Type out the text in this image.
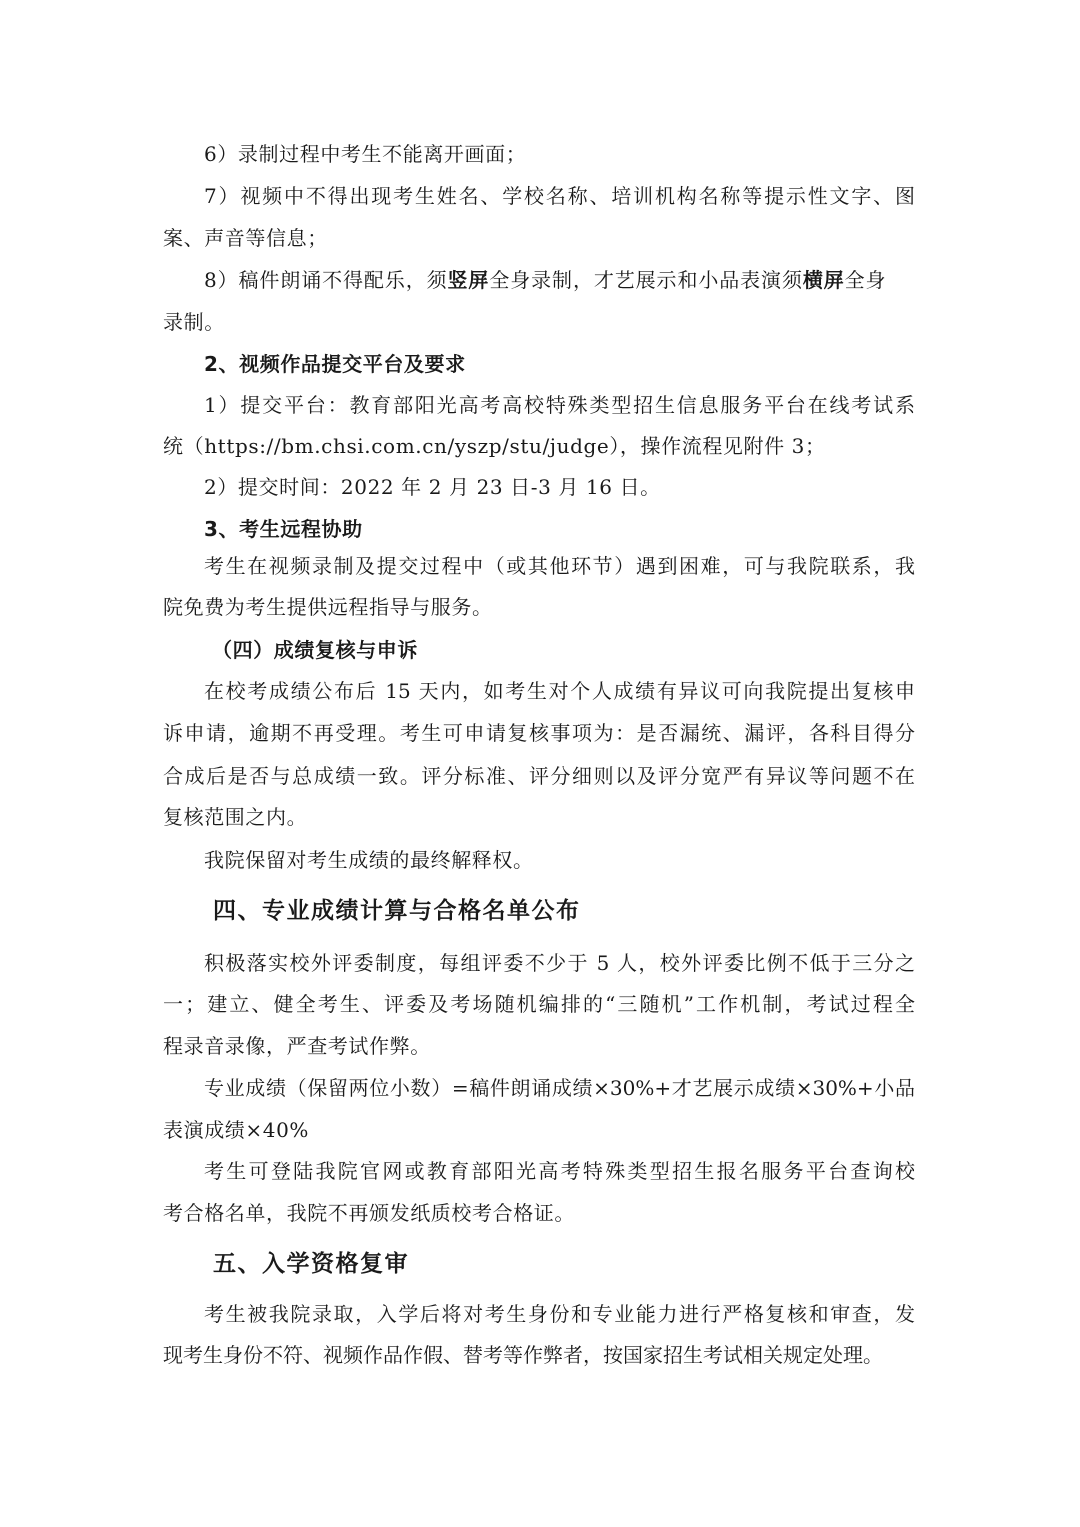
6）录制过程中考生不能离开画面；
7）视频中不得出现考生姓名、学校名称、培训机构名称等提示性文字、图
案、声音等信息；
8）稿件朗诵不得配乐，须竖屏全身录制，才艺展示和小品表演须横屏全身
录制。
2、视频作品提交平台及要求
1）提交平台：教育部阳光高考高校特殊类型招生信息服务平台在线考试系
统（https://bm.chsi.com.cn/yszp/stu/judge），操作流程见附件 3；
2）提交时间：2022 年 2 月 23 日-3 月 16 日。
3、考生远程协助
考生在视频录制及提交过程中（或其他环节）遇到困难，可与我院联系，我
院免费为考生提供远程指导与服务。
（四）成绩复核与申诉
在校考成绩公布后 15 天内，如考生对个人成绩有异议可向我院提出复核申
诉申请，逾期不再受理。考生可申请复核事项为：是否漏统、漏评，各科目得分
合成后是否与总成绩一致。评分标准、评分细则以及评分宽严有异议等问题不在
复核范围之内。
我院保留对考生成绩的最终解释权。
四、专业成绩计算与合格名单公布
积极落实校外评委制度，每组评委不少于 5 人，校外评委比例不低于三分之
一；建立、健全考生、评委及考场随机编排的“三随机”工作机制，考试过程全
程录音录像，严查考试作弊。
专业成绩（保留两位小数）=稿件朗诵成绩×30%+才艺展示成绩×30%+小品
表演成绩×40%
考生可登陆我院官网或教育部阳光高考特殊类型招生报名服务平台查询校
考合格名单，我院不再颁发纸质校考合格证。
五、入学资格复审
考生被我院录取，入学后将对考生身份和专业能力进行严格复核和审查，发
现考生身份不符、视频作品作假、替考等作弊者，按国家招生考试相关规定处理。
